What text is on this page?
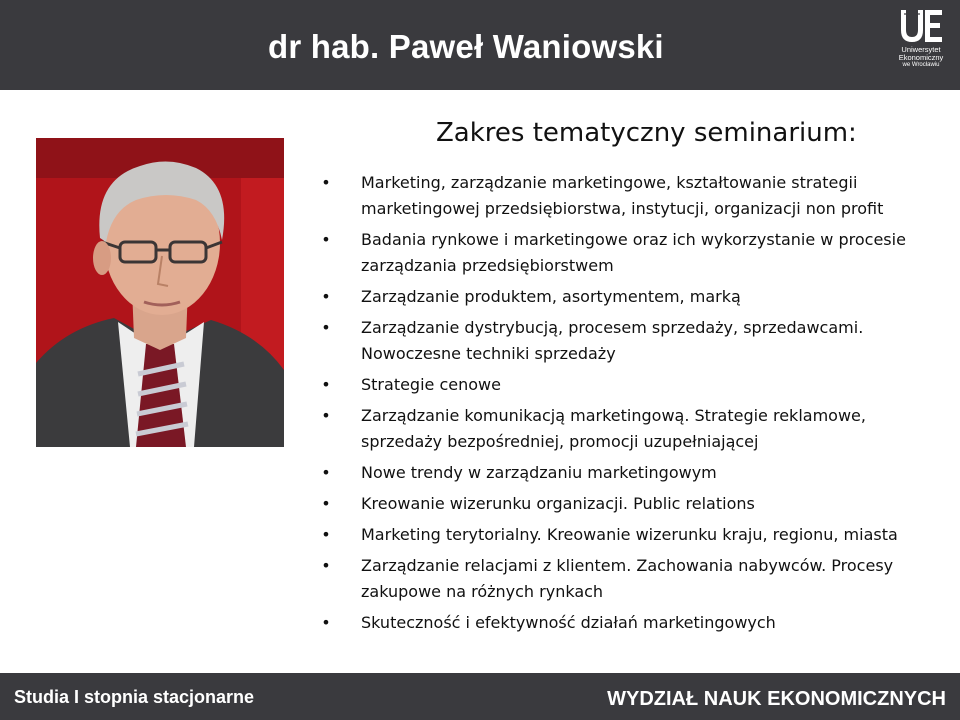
dr hab. Paweł Waniowski	Uniwersytet
Ekonomiczny
we Wrocławiu
Zakres tematyczny seminarium:
• Marketing, zarządzanie marketingowe, kształtowanie strategii marketingowej przedsiębiorstwa, instytucji, organizacji non profit
• Badania rynkowe i marketingowe oraz ich wykorzystanie w procesie zarządzania przedsiębiorstwem
• Zarządzanie produktem, asortymentem, marką
• Zarządzanie dystrybucją, procesem sprzedaży, sprzedawcami. Nowoczesne techniki sprzedaży
• Strategie cenowe
• Zarządzanie komunikacją marketingową. Strategie reklamowe, sprzedaży bezpośredniej, promocji uzupełniającej
• Nowe trendy w zarządzaniu marketingowym
• Kreowanie wizerunku organizacji. Public relations
• Marketing terytorialny. Kreowanie wizerunku kraju, regionu, miasta
• Zarządzanie relacjami z klientem. Zachowania nabywców. Procesy zakupowe na różnych rynkach
• Skuteczność i efektywność działań marketingowych
Studia I stopnia stacjonarne	WYDZIAŁ NAUK EKONOMICZNYCH
